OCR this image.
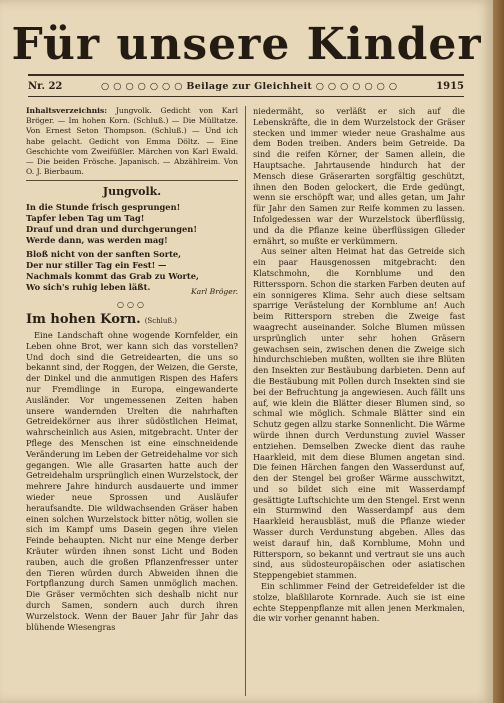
Für unsere Kinder
Nr. 22	○ ○ ○ ○ ○ ○ ○ Beilage zur Gleichheit ○ ○ ○ ○ ○ ○ ○	1915

Inhaltsverzeichnis: Jungvolk. Gedicht von Karl Bröger. — Im hohen Korn. (Schluß.) — Die Mülltatze. Von Ernest Seton Thompson. (Schluß.) — Und ich habe gelacht. Gedicht von Emma Döltz. — Eine Geschichte vom Zweifüßler. Märchen von Karl Ewald. — Die beiden Frösche. Japanisch. — Abzählreim. Von O. J. Bierbaum.

Jungvolk.

In die Stunde frisch gesprungen!

Tapfer leben Tag um Tag!

Drauf und dran und durchgerungen!

Werde dann, was werden mag!

Bloß nicht von der sanften Sorte,

Der nur stiller Tag ein Fest! —

Nachmals kommt das Grab zu Worte,

Wo sich's ruhig leben läßt.	Karl Bröger.
○○○
Im hohen Korn. (Schluß.)

Eine Landschaft ohne wogende Kornfelder, ein Leben ohne Brot, wer kann sich das vorstellen? Und doch sind die Getreidearten, die uns so bekannt sind, der Roggen, der Weizen, die Gerste, der Dinkel und die anmutigen Rispen des Hafers nur Fremdlinge in Europa, eingewanderte Ausländer. Vor ungemessenen Zeiten haben unsere wandernden Urelten die nahrhaften Getreidekörner aus ihrer südöstlichen Heimat, wahrscheinlich aus Asien, mitgebracht. Unter der Pflege des Menschen ist eine einschneidende Veränderung im Leben der Getreidehalme vor sich gegangen. Wie alle Grasarten hatte auch der Getreidehalm ursprünglich einen Wurzelstock, der mehrere Jahre hindurch ausdauerte und immer wieder neue Sprossen und Ausläufer heraufsandte. Die wildwachsenden Gräser haben einen solchen Wurzelstock bitter nötig, wollen sie sich im Kampf ums Dasein gegen ihre vielen Feinde behaupten. Nicht nur eine Menge derber Kräuter würden ihnen sonst Licht und Boden rauben, auch die großen Pflanzenfresser unter den Tieren würden durch Abweiden ihnen die Fortpflanzung durch Samen unmöglich machen. Die Gräser vermöchten sich deshalb nicht nur durch Samen, sondern auch durch ihren Wurzelstock. Wenn der Bauer Jahr für Jahr das blühende Wiesengras

niedermäht, so verläßt er sich auf die Lebenskräfte, die in dem Wurzelstock der Gräser stecken und immer wieder neue Grashalme aus dem Boden treiben. Anders beim Getreide. Da sind die reifen Körner, der Samen allein, die Hauptsache. Jahrtausende hindurch hat der Mensch diese Gräserarten sorgfältig geschützt, ihnen den Boden gelockert, die Erde gedüngt, wenn sie erschöpft war, und alles getan, um Jahr für Jahr den Samen zur Reife kommen zu lassen. Infolgedessen war der Wurzelstock überflüssig, und da die Pflanze keine überflüssigen Glieder ernährt, so mußte er verkümmern.

Aus seiner alten Heimat hat das Getreide sich ein paar Hausgenossen mitgebracht: den Klatschmohn, die Kornblume und den Ritterssporn. Schon die starken Farben deuten auf ein sonnigeres Klima. Sehr auch diese seltsam sparrige Verästelung der Kornblume an! Auch beim Rittersporn streben die Zweige fast waagrecht auseinander. Solche Blumen müssen ursprünglich unter sehr hohen Gräsern gewachsen sein, zwischen denen die Zweige sich hindurchschieben mußten, wollten sie ihre Blüten den Insekten zur Bestäubung darbieten. Denn auf die Bestäubung mit Pollen durch Insekten sind sie bei der Befruchtung ja angewiesen. Auch fällt uns auf, wie klein die Blätter dieser Blumen sind, so schmal wie möglich. Schmale Blätter sind ein Schutz gegen allzu starke Sonnenlicht. Die Wärme würde ihnen durch Verdunstung zuviel Wasser entziehen. Demselben Zwecke dient das rauhe Haarkleid, mit dem diese Blumen angetan sind. Die feinen Härchen fangen den Wasserdunst auf, den der Stengel bei großer Wärme ausschwitzt, und so bildet sich eine mit Wasserdampf gesättigte Luftschichte um den Stengel. Erst wenn ein Sturmwind den Wasserdampf aus dem Haarkleid herausbläst, muß die Pflanze wieder Wasser durch Verdunstung abgeben. Alles das weist darauf hin, daß Kornblume, Mohn und Rittersporn, so bekannt und vertraut sie uns auch sind, aus südosteuropäischen oder asiatischen Steppengebiet stammen.

Ein schlimmer Feind der Getreidefelder ist die stolze, blaßlilarote Kornrade. Auch sie ist eine echte Steppenpflanze mit allen jenen Merkmalen, die wir vorher genannt haben.
